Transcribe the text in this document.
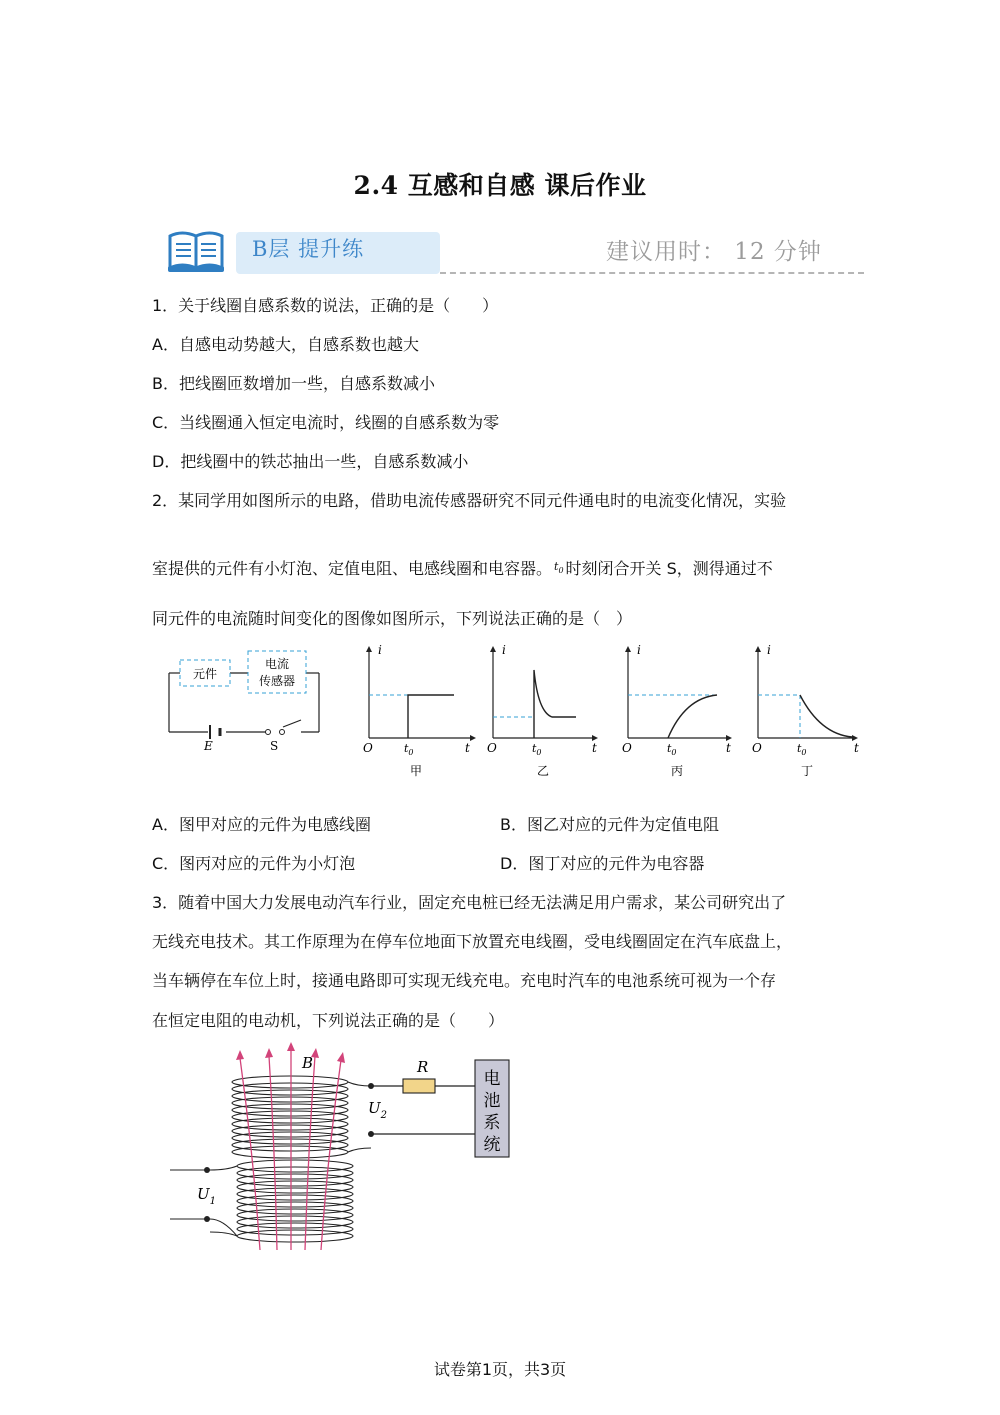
2.4 互感和自感 课后作业
B层 提升练	建议用时： 12 分钟
1．关于线圈自感系数的说法，正确的是（　　）
A．自感电动势越大，自感系数也越大
B．把线圈匝数增加一些，自感系数减小
C．当线圈通入恒定电流时，线圈的自感系数为零
D．把线圈中的铁芯抽出一些，自感系数减小
2．某同学用如图所示的电路，借助电流传感器研究不同元件通电时的电流变化情况，实验
室提供的元件有小灯泡、定值电阻、电感线圈和电容器。 $^{t_0}$ 时刻闭合开关 S，测得通过不
同元件的电流随时间变化的图像如图所示，下列说法正确的是（　）
元件
电流
传感器
E	S
i
O	t
$t_0$
甲
i
O	t
$t_0$
乙
i
O	t
$t_0$
丙
i
O	t
$t_0$
丁
A．图甲对应的元件为电感线圈	B．图乙对应的元件为定值电阻
C．图丙对应的元件为小灯泡	D．图丁对应的元件为电容器
3．随着中国大力发展电动汽车行业，固定充电桩已经无法满足用户需求，某公司研究出了
无线充电技术。其工作原理为在停车位地面下放置充电线圈，受电线圈固定在汽车底盘上，
当车辆停在车位上时，接通电路即可实现无线充电。充电时汽车的电池系统可视为一个存
在恒定电阻的电动机，下列说法正确的是（　　）
B	R
$U_2$
$U_1$
电
池
系
统
试卷第1页，共3页
